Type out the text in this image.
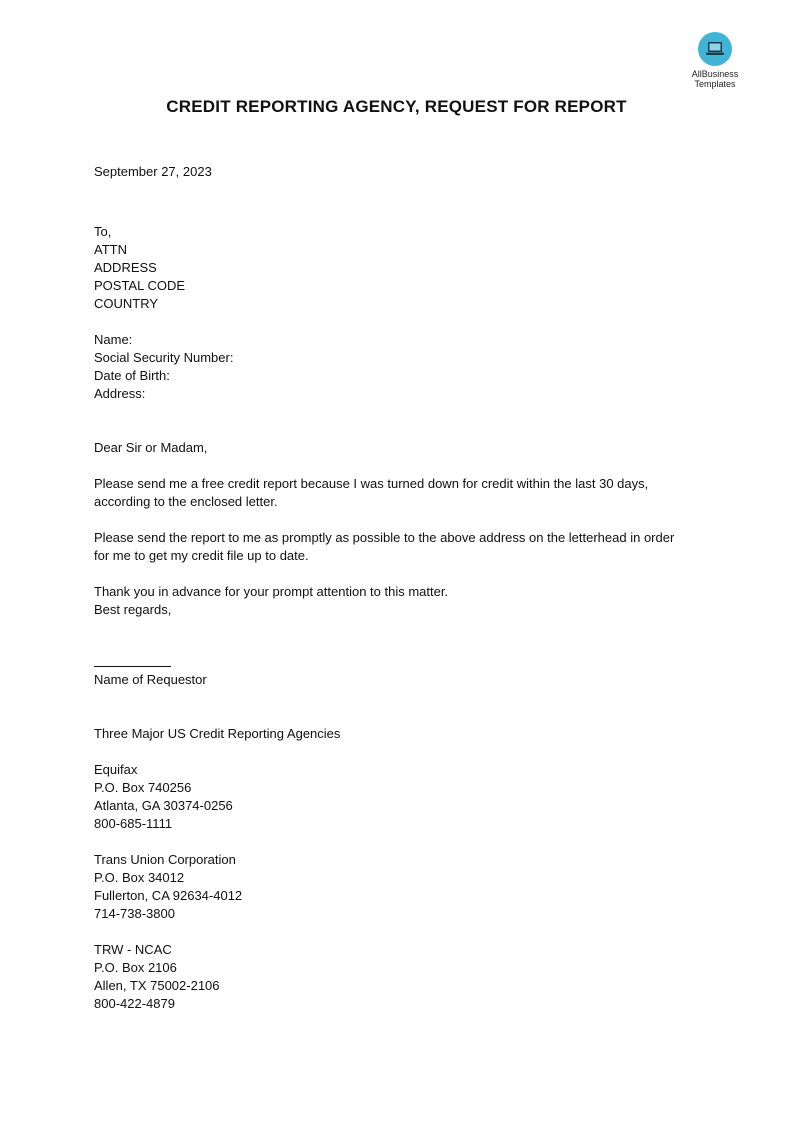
AllBusiness
Templates
CREDIT REPORTING AGENCY, REQUEST FOR REPORT
September 27, 2023
To,
ATTN
ADDRESS
POSTAL CODE
COUNTRY
Name:
Social Security Number:
Date of Birth:
Address:
Dear Sir or Madam,
Please send me a free credit report because I was turned down for credit within the last 30 days,
according to the enclosed letter.
Please send the report to me as promptly as possible to the above address on the letterhead in order
for me to get my credit file up to date.
Thank you in advance for your prompt attention to this matter.
Best regards,
Name of Requestor
Three Major US Credit Reporting Agencies
Equifax
P.O. Box 740256
Atlanta, GA 30374-0256
800-685-1111
Trans Union Corporation
P.O. Box 34012
Fullerton, CA 92634-4012
714-738-3800
TRW - NCAC
P.O. Box 2106
Allen, TX 75002-2106
800-422-4879
